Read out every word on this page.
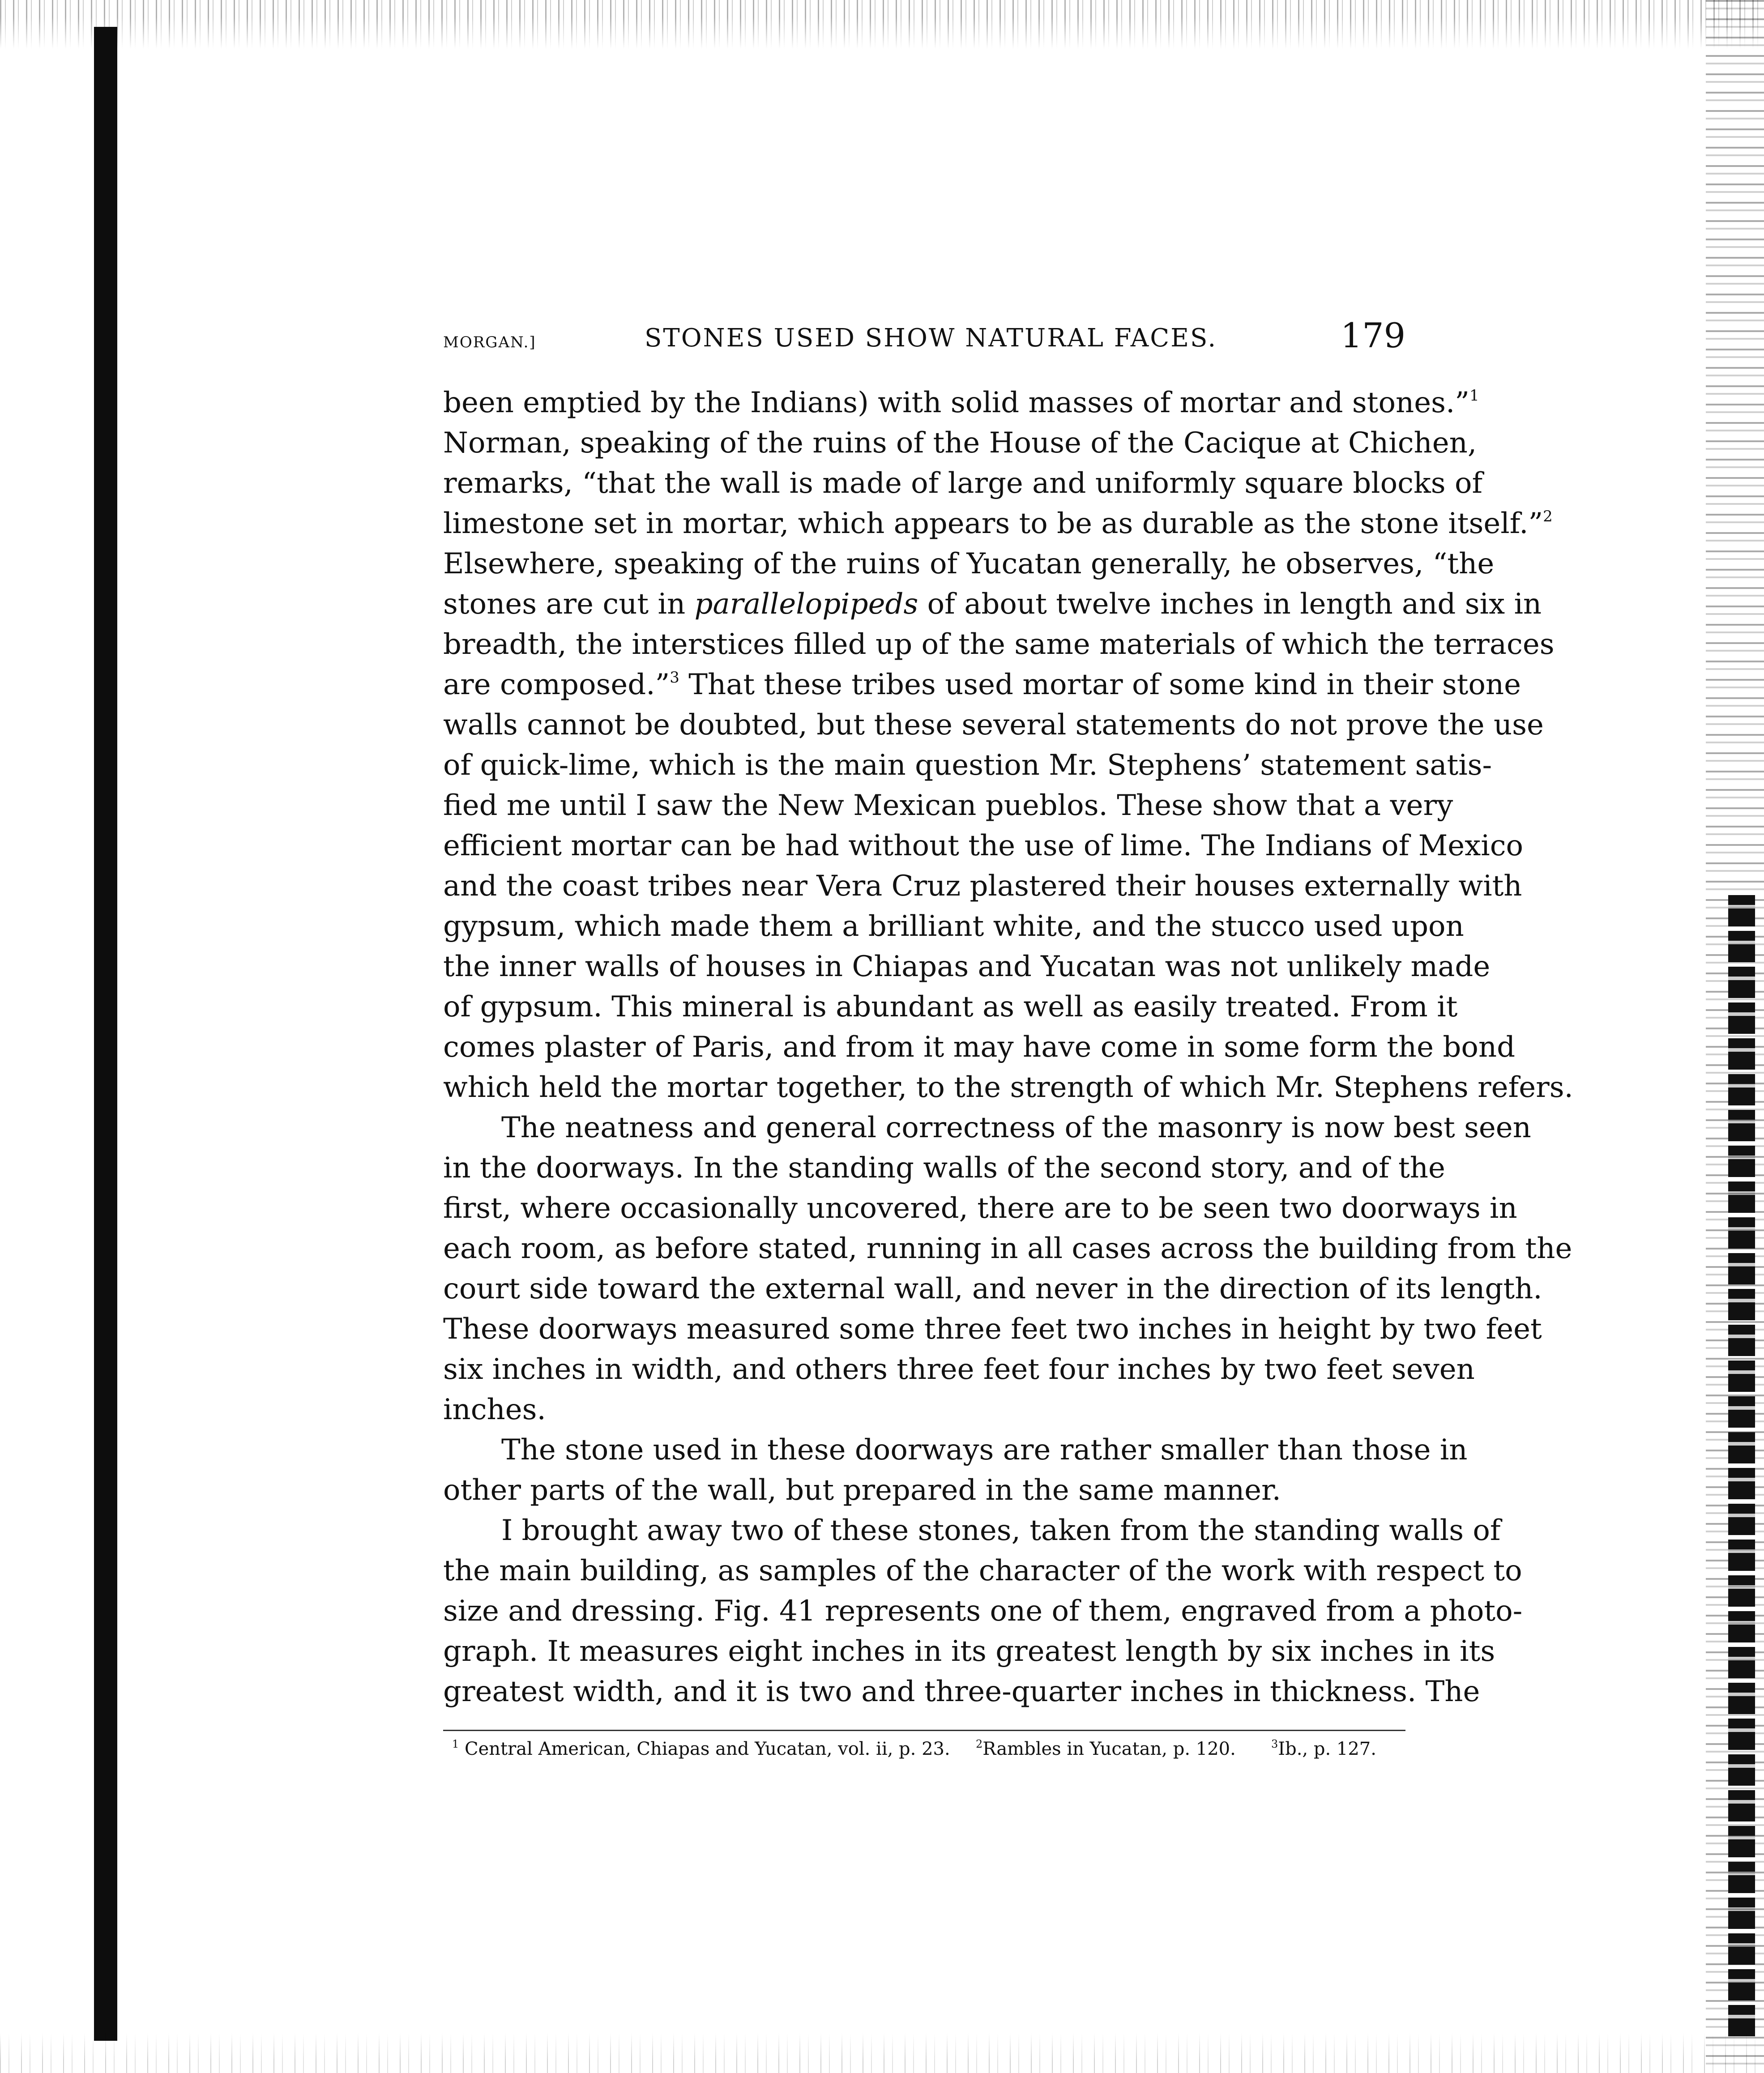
MORGAN.]	STONES USED SHOW NATURAL FACES.	179
been emptied by the Indians) with solid masses of mortar and stones.”$^1$
Norman, speaking of the ruins of the House of the Cacique at Chichen,
remarks, “that the wall is made of large and uniformly square blocks of
limestone set in mortar, which appears to be as durable as the stone itself.”$^2$
Elsewhere, speaking of the ruins of Yucatan generally, he observes, “the
stones are cut in parallelopipeds of about twelve inches in length and six in
breadth, the interstices filled up of the same materials of which the terraces
are composed.”$^3$ That these tribes used mortar of some kind in their stone
walls cannot be doubted, but these several statements do not prove the use
of quick-lime, which is the main question Mr. Stephens’ statement satis-
fied me until I saw the New Mexican pueblos. These show that a very
efficient mortar can be had without the use of lime. The Indians of Mexico
and the coast tribes near Vera Cruz plastered their houses externally with
gypsum, which made them a brilliant white, and the stucco used upon
the inner walls of houses in Chiapas and Yucatan was not unlikely made
of gypsum. This mineral is abundant as well as easily treated. From it
comes plaster of Paris, and from it may have come in some form the bond
which held the mortar together, to the strength of which Mr. Stephens refers.
The neatness and general correctness of the masonry is now best seen
in the doorways. In the standing walls of the second story, and of the
first, where occasionally uncovered, there are to be seen two doorways in
each room, as before stated, running in all cases across the building from the
court side toward the external wall, and never in the direction of its length.
These doorways measured some three feet two inches in height by two feet
six inches in width, and others three feet four inches by two feet seven
inches.
The stone used in these doorways are rather smaller than those in
other parts of the wall, but prepared in the same manner.
I brought away two of these stones, taken from the standing walls of
the main building, as samples of the character of the work with respect to
size and dressing. Fig. 41 represents one of them, engraved from a photo-
graph. It measures eight inches in its greatest length by six inches in its
greatest width, and it is two and three-quarter inches in thickness. The
$^1$ Central American, Chiapas and Yucatan, vol. ii, p. 23. $^2$Rambles in Yucatan, p. 120.	$^3$Ib., p. 127.
